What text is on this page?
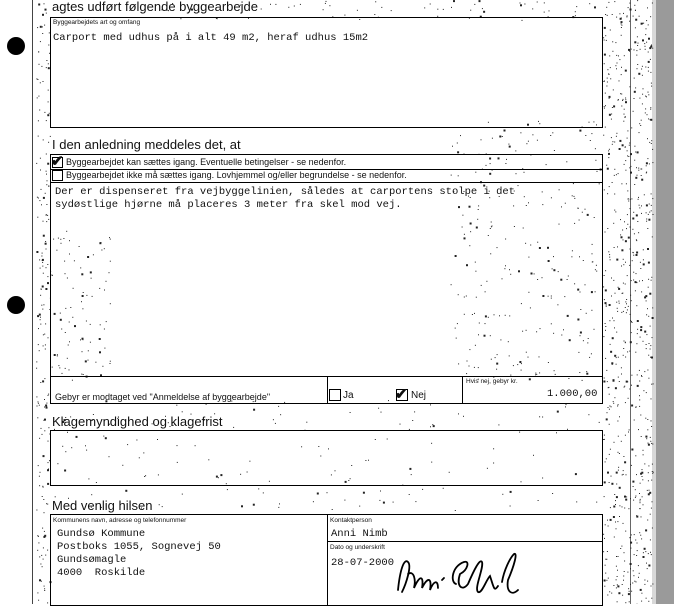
agtes udført følgende byggearbejde
Byggearbejdets art og omfang
Carport med udhus på i alt 49 m2, heraf udhus 15m2
I den anledning meddeles det, at
✔ Byggearbejdet kan sættes igang. Eventuelle betingelser - se nedenfor.
Byggearbejdet ikke må sættes igang. Lovhjemmel og/eller begrundelse - se nedenfor.
Der er dispenseret fra vejbyggelinien, således at carportens stolpe i det
sydøstlige hjørne må placeres 3 meter fra skel mod vej.
Gebyr er modtaget ved "Anmeldelse af byggearbejde"	Ja	✔ Nej
Hvis nej, gebyr kr.
1.000,00
Klagemyndighed og klagefrist
Med venlig hilsen
Kommunens navn, adresse og telefonnummer
Gundsø Kommune
Postboks 1055, Sognevej 50
Gundsømagle
4000  Roskilde
Kontaktperson
Anni Nimb
Dato og underskrift
28-07-2000
